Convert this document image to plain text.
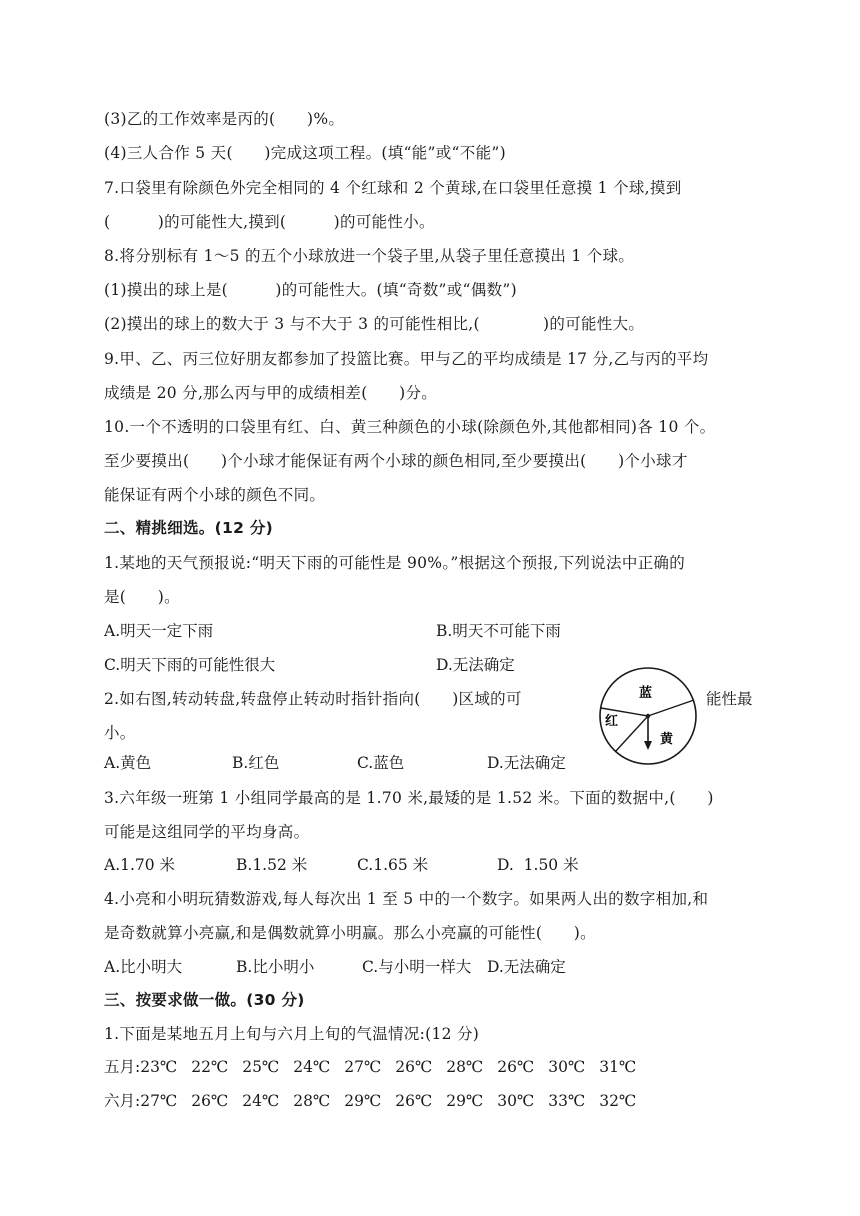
(3)乙的工作效率是丙的(　　)%。
(4)三人合作 5 天(　　)完成这项工程。(填“能”或“不能”)
7.口袋里有除颜色外完全相同的 4 个红球和 2 个黄球,在口袋里任意摸 1 个球,摸到
(　　　)的可能性大,摸到(　　　)的可能性小。
8.将分别标有 1～5 的五个小球放进一个袋子里,从袋子里任意摸出 1 个球。
(1)摸出的球上是(　　　)的可能性大。(填“奇数”或“偶数”)
(2)摸出的球上的数大于 3 与不大于 3 的可能性相比,(　　　　)的可能性大。
9.甲、乙、丙三位好朋友都参加了投篮比赛。甲与乙的平均成绩是 17 分,乙与丙的平均
成绩是 20 分,那么丙与甲的成绩相差(　　)分。
10.一个不透明的口袋里有红、白、黄三种颜色的小球(除颜色外,其他都相同)各 10 个。
至少要摸出(　　)个小球才能保证有两个小球的颜色相同,至少要摸出(　　)个小球才
能保证有两个小球的颜色不同。
二、精挑细选。(12 分)
1.某地的天气预报说:“明天下雨的可能性是 90%。”根据这个预报,下列说法中正确的
是(　　)。
A.明天一定下雨	B.明天不可能下雨
C.明天下雨的可能性很大	D.无法确定
2.如右图,转动转盘,转盘停止转动时指针指向(　　)区域的可	能性最
小。
蓝
红
黄
A.黄色	B.红色	C.蓝色	D.无法确定
3.六年级一班第 1 小组同学最高的是 1.70 米,最矮的是 1.52 米。下面的数据中,(　　)
可能是这组同学的平均身高。
A.1.70 米	B.1.52 米	C.1.65 米	D.  1.50 米
4.小亮和小明玩猜数游戏,每人每次出 1 至 5 中的一个数字。如果两人出的数字相加,和
是奇数就算小亮赢,和是偶数就算小明赢。那么小亮赢的可能性(　　)。
A.比小明大	B.比小明小	C.与小明一样大 D.无法确定
三、按要求做一做。(30 分)
1.下面是某地五月上旬与六月上旬的气温情况:(12 分)
五月: 23℃ 22℃ 25℃ 24℃ 27℃ 26℃ 28℃ 26℃ 30℃ 31℃
六月: 27℃ 26℃ 24℃ 28℃ 29℃ 26℃ 29℃ 30℃ 33℃ 32℃
